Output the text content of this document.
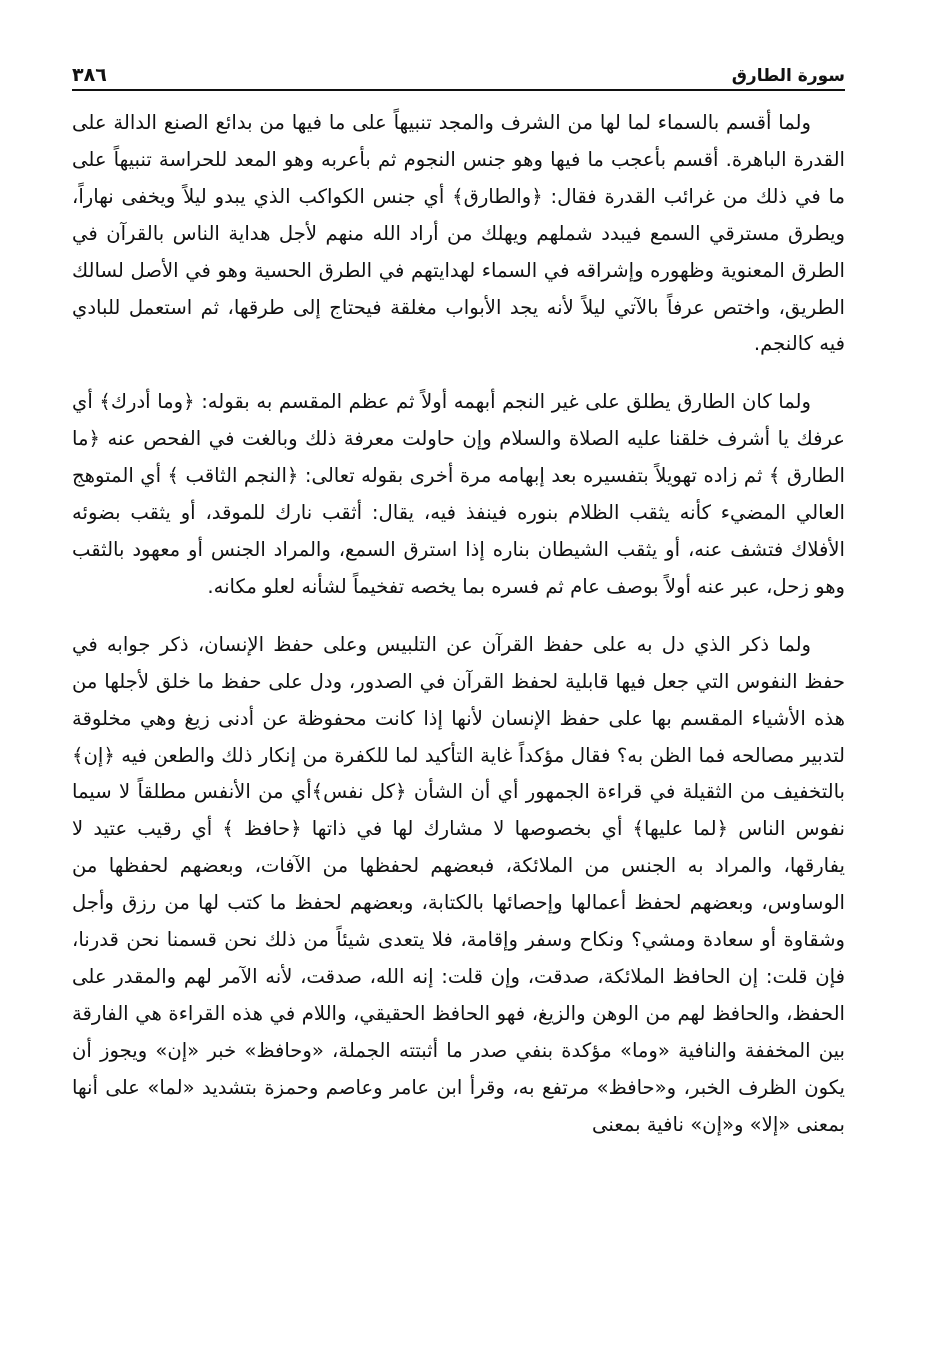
سورة الطارق
٣٨٦

ولما أقسم بالسماء لما لها من الشرف والمجد تنبيهاً على ما فيها من بدائع الصنع الدالة على القدرة الباهرة. أقسم بأعجب ما فيها وهو جنس النجوم ثم بأعربه وهو المعد للحراسة تنبيهاً على ما في ذلك من غرائب القدرة فقال: ﴿والطارق﴾ أي جنس الكواكب الذي يبدو ليلاً ويخفى نهاراً، ويطرق مسترقي السمع فيبدد شملهم ويهلك من أراد الله منهم لأجل هداية الناس بالقرآن في الطرق المعنوية وظهوره وإشراقه في السماء لهدايتهم في الطرق الحسية وهو في الأصل لسالك الطريق، واختص عرفاً بالآتي ليلاً لأنه يجد الأبواب مغلقة فيحتاج إلى طرقها، ثم استعمل للبادي فيه كالنجم.

ولما كان الطارق يطلق على غير النجم أبهمه أولاً ثم عظم المقسم به بقوله: ﴿وما أدرك﴾ أي عرفك يا أشرف خلقنا عليه الصلاة والسلام وإن حاولت معرفة ذلك وبالغت في الفحص عنه ﴿ما الطارق ﴾ ثم زاده تهويلاً بتفسيره بعد إبهامه مرة أخرى بقوله تعالى: ﴿النجم الثاقب ﴾ أي المتوهج العالي المضيء كأنه يثقب الظلام بنوره فينفذ فيه، يقال: أثقب نارك للموقد، أو يثقب بضوئه الأفلاك فتشف عنه، أو يثقب الشيطان بناره إذا استرق السمع، والمراد الجنس أو معهود بالثقب وهو زحل، عبر عنه أولاً بوصف عام ثم فسره بما يخصه تفخيماً لشأنه لعلو مكانه.

ولما ذكر الذي دل به على حفظ القرآن عن التلبيس وعلى حفظ الإنسان، ذكر جوابه في حفظ النفوس التي جعل فيها قابلية لحفظ القرآن في الصدور، ودل على حفظ ما خلق لأجلها من هذه الأشياء المقسم بها على حفظ الإنسان لأنها إذا كانت محفوظة عن أدنى زيغ وهي مخلوقة لتدبير مصالحه فما الظن به؟ فقال مؤكداً غاية التأكيد لما للكفرة من إنكار ذلك والطعن فيه ﴿إن﴾ بالتخفيف من الثقيلة في قراءة الجمهور أي أن الشأن ﴿كل نفس﴾أي من الأنفس مطلقاً لا سيما نفوس الناس ﴿لما عليها﴾ أي بخصوصها لا مشارك لها في ذاتها ﴿حافظ ﴾ أي رقيب عتيد لا يفارقها، والمراد به الجنس من الملائكة، فبعضهم لحفظها من الآفات، وبعضهم لحفظها من الوساوس، وبعضهم لحفظ أعمالها وإحصائها بالكتابة، وبعضهم لحفظ ما كتب لها من رزق وأجل وشقاوة أو سعادة ومشي؟ ونكاح وسفر وإقامة، فلا يتعدى شيئاً من ذلك نحن قسمنا نحن قدرنا، فإن قلت: إن الحافظ الملائكة، صدقت، وإن قلت: إنه الله، صدقت، لأنه الآمر لهم والمقدر على الحفظ، والحافظ لهم من الوهن والزيغ، فهو الحافظ الحقيقي، واللام في هذه القراءة هي الفارقة بين المخففة والنافية «وما» مؤكدة بنفي صدر ما أثبتته الجملة، «وحافظ» خبر «إن» ويجوز أن يكون الظرف الخبر، و«حافظ» مرتفع به، وقرأ ابن عامر وعاصم وحمزة بتشديد «لما» على أنها بمعنى «إلا» و«إن» نافية بمعنى
